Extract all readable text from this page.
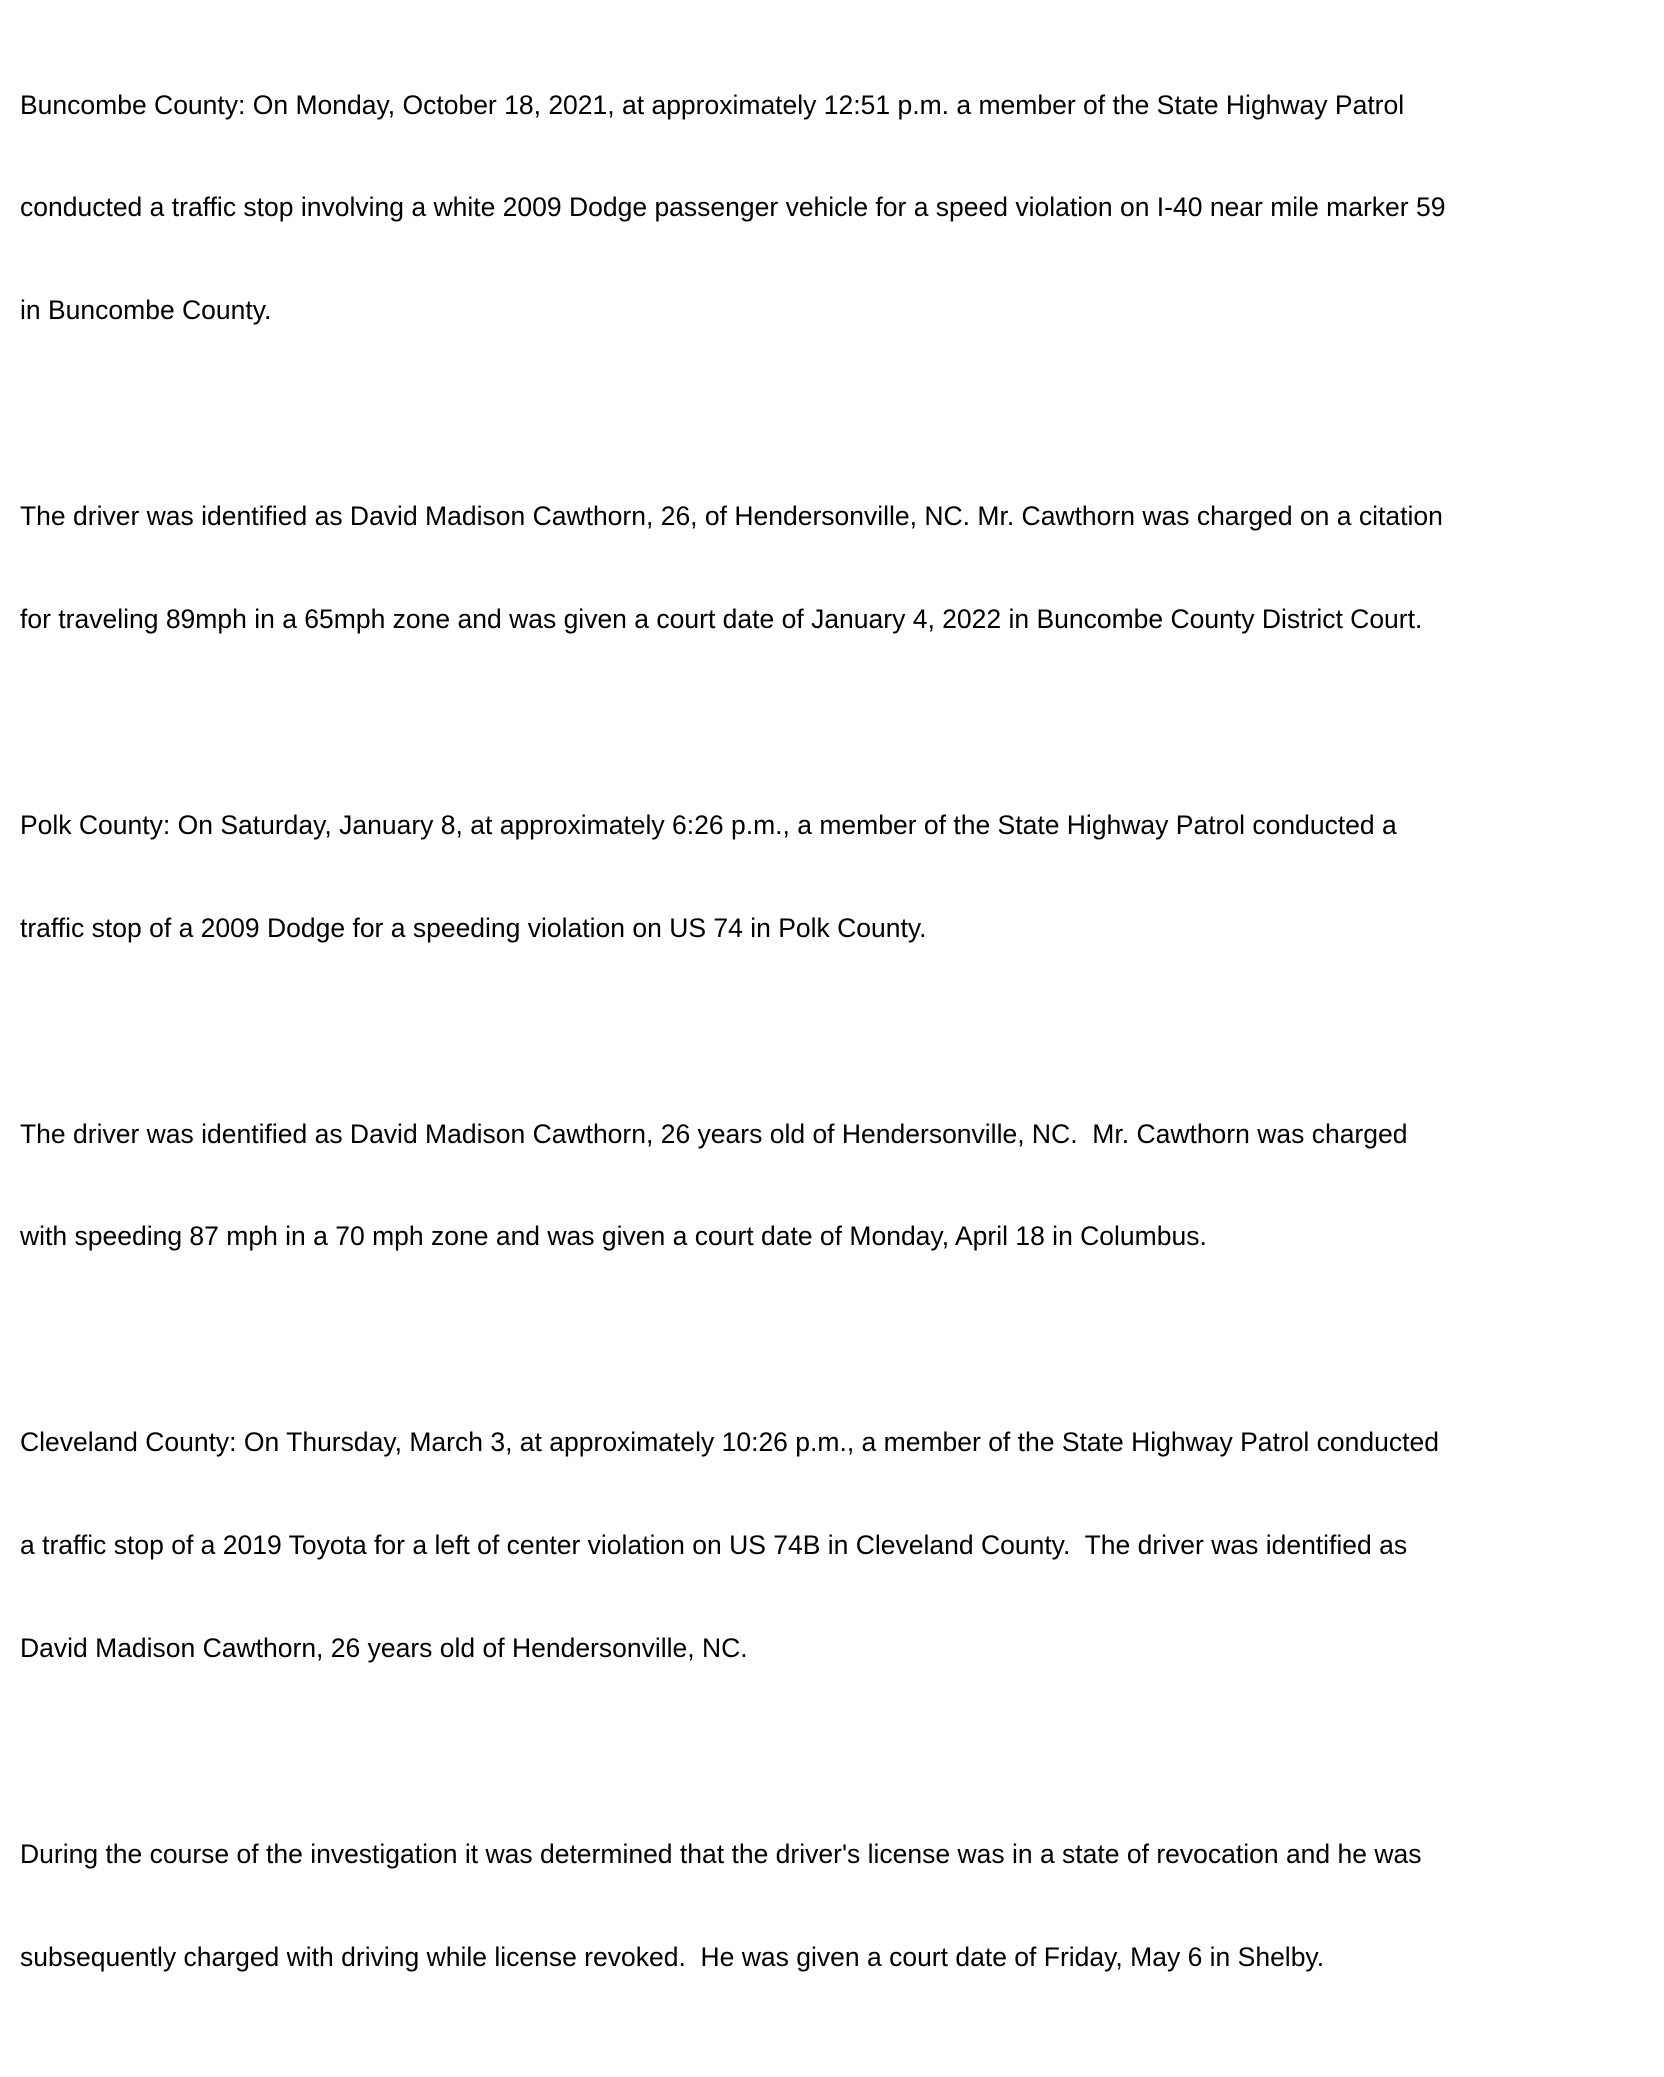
Buncombe County: On Monday, October 18, 2021, at approximately 12:51 p.m. a member of the State Highway Patrol

conducted a traffic stop involving a white 2009 Dodge passenger vehicle for a speed violation on I-40 near mile marker 59

in Buncombe County.

The driver was identified as David Madison Cawthorn, 26, of Hendersonville, NC. Mr. Cawthorn was charged on a citation

for traveling 89mph in a 65mph zone and was given a court date of January 4, 2022 in Buncombe County District Court.

Polk County: On Saturday, January 8, at approximately 6:26 p.m., a member of the State Highway Patrol conducted a

traffic stop of a 2009 Dodge for a speeding violation on US 74 in Polk County.

The driver was identified as David Madison Cawthorn, 26 years old of Hendersonville, NC.  Mr. Cawthorn was charged

with speeding 87 mph in a 70 mph zone and was given a court date of Monday, April 18 in Columbus.

Cleveland County: On Thursday, March 3, at approximately 10:26 p.m., a member of the State Highway Patrol conducted

a traffic stop of a 2019 Toyota for a left of center violation on US 74B in Cleveland County.  The driver was identified as

David Madison Cawthorn, 26 years old of Hendersonville, NC.

During the course of the investigation it was determined that the driver's license was in a state of revocation and he was

subsequently charged with driving while license revoked.  He was given a court date of Friday, May 6 in Shelby.
